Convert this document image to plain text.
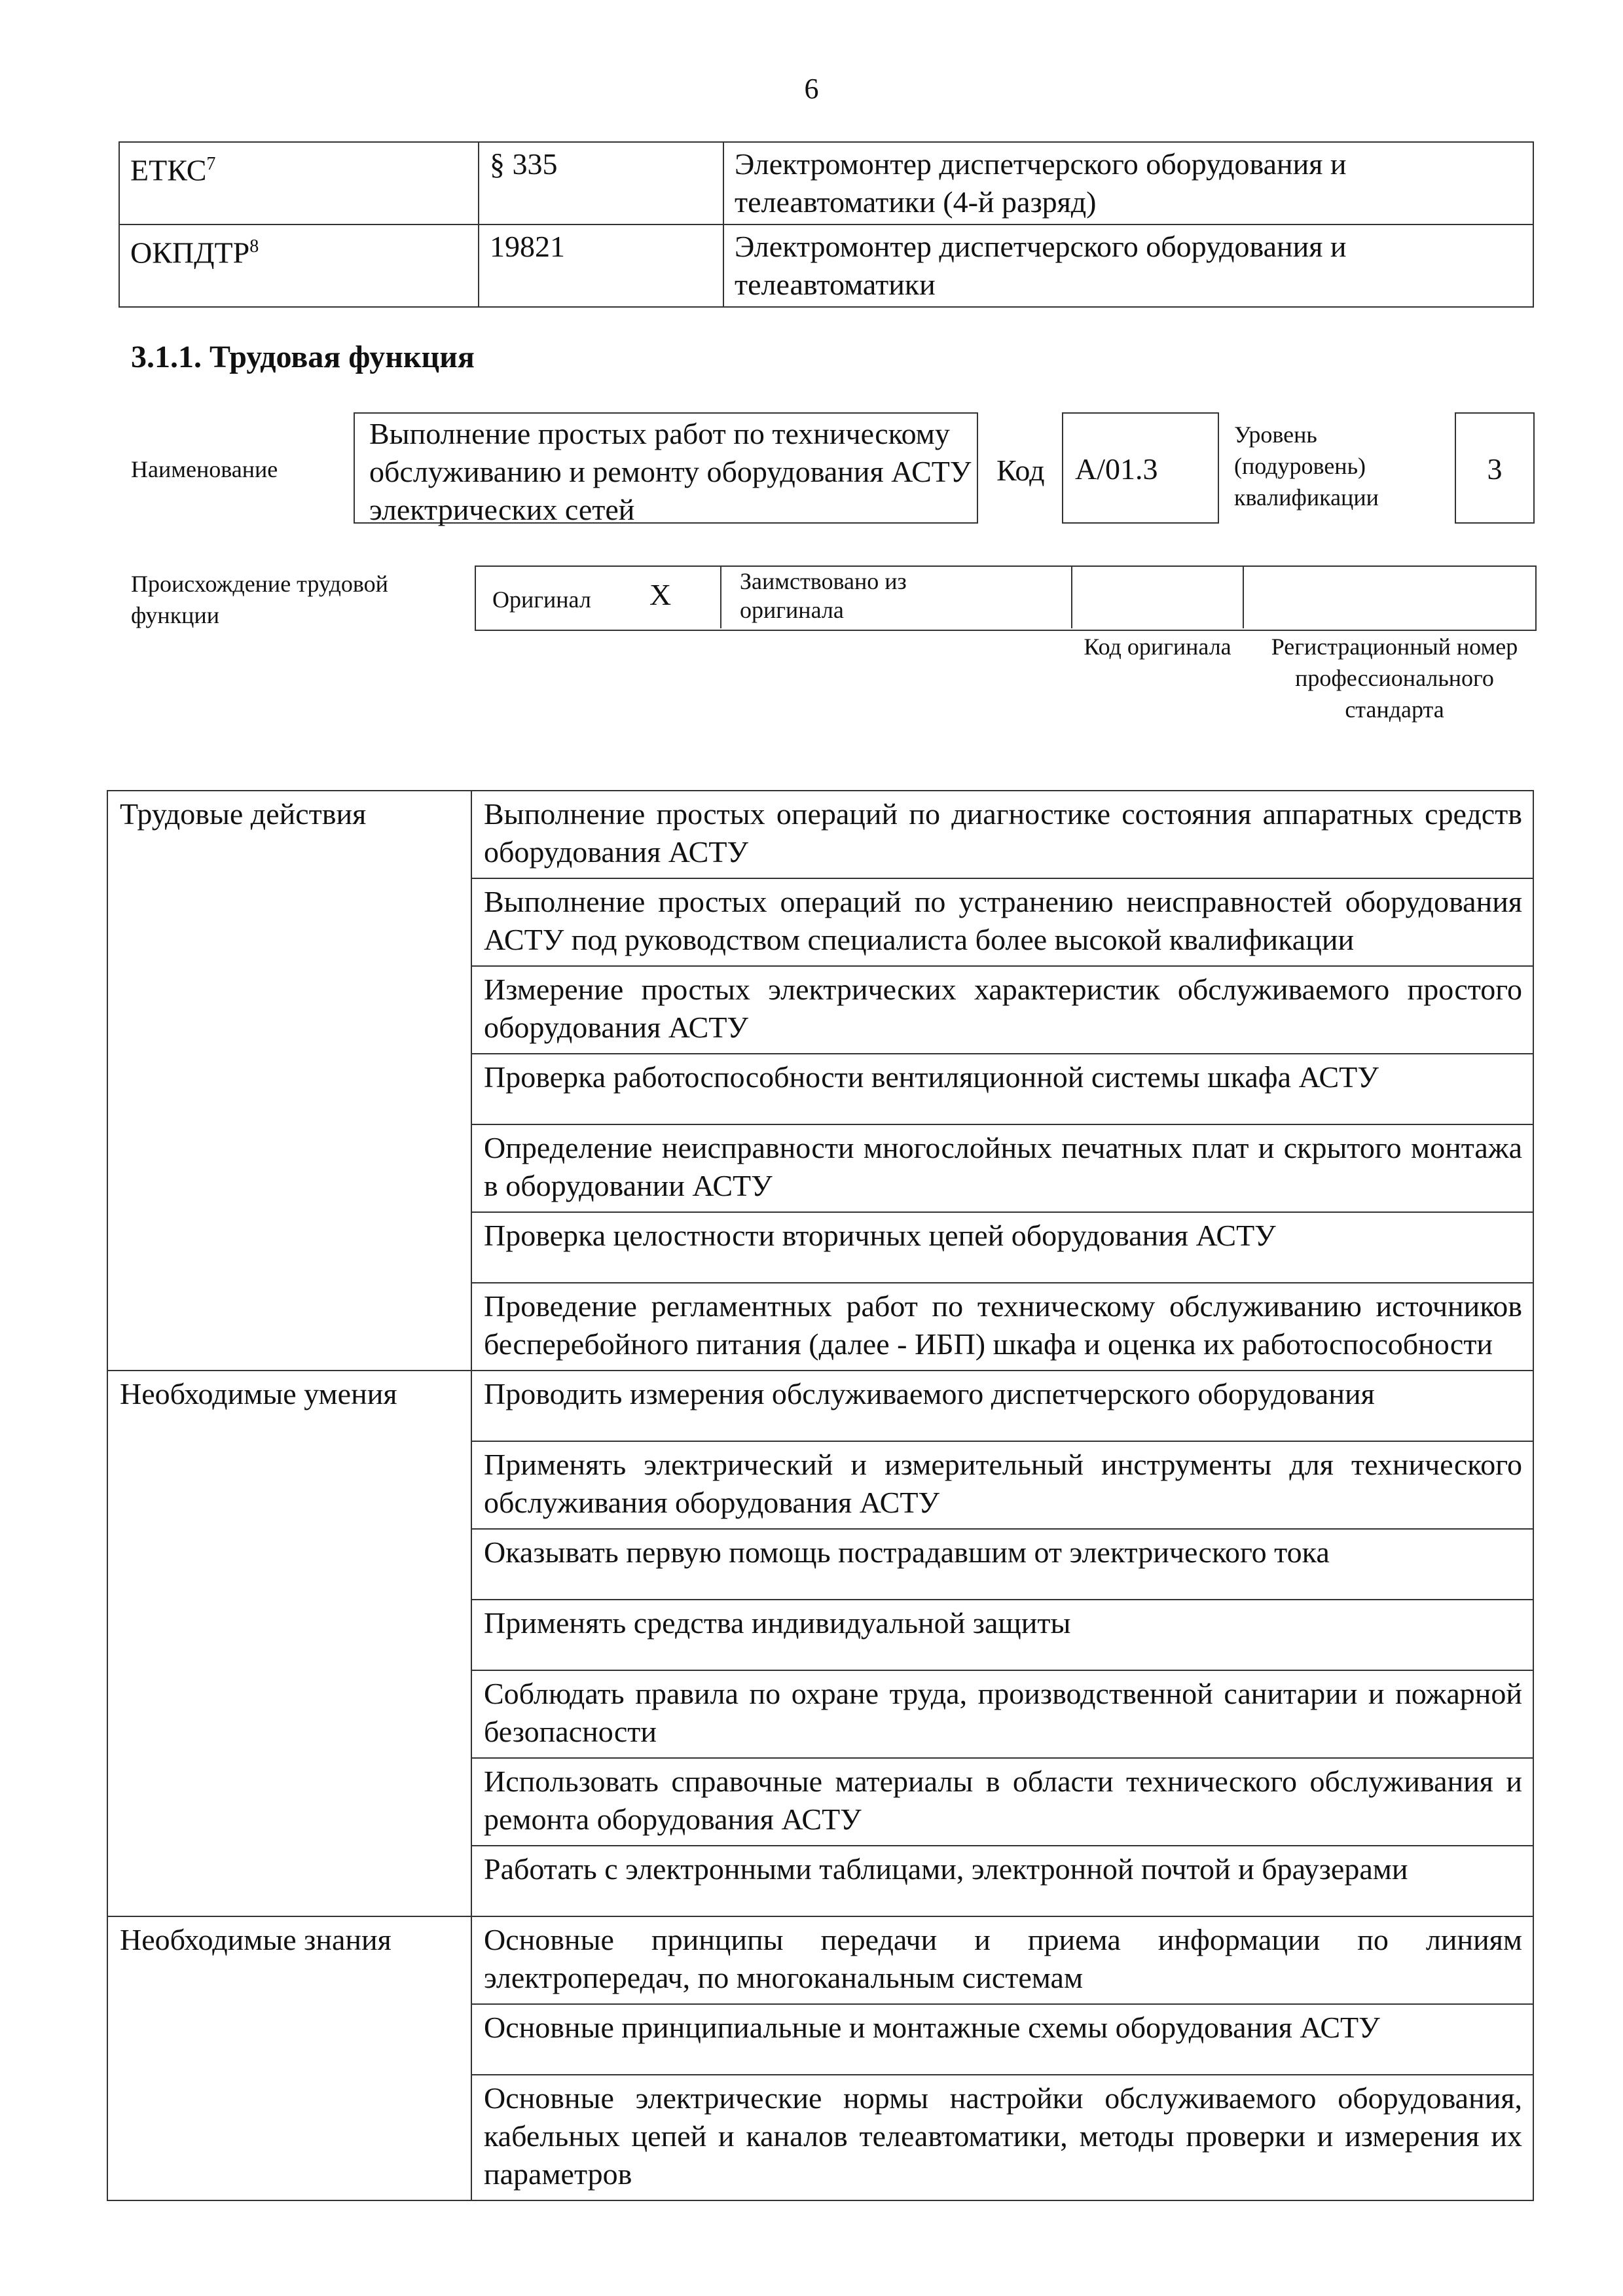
6
ЕТКС$^7$	§ 335	Электромонтер диспетчерского оборудования и телеавтоматики (4-й разряд)
ОКПДТР$^8$	19821	Электромонтер диспетчерского оборудования и телеавтоматики
3.1.1. Трудовая функция
Наименование
Выполнение простых работ по техническому обслуживанию и ремонту оборудования АСТУ электрических сетей
Код	A/01.3
Уровень (подуровень) квалификации
3
Происхождение трудовой функции
Оригинал X	Заимствовано из оригинала
Код оригинала	Регистрационный номер профессионального стандарта
Трудовые действия	Выполнение простых операций по диагностике состояния аппаратных средств оборудования АСТУ
	Выполнение простых операций по устранению неисправностей оборудования АСТУ под руководством специалиста более высокой квалификации
	Измерение простых электрических характеристик обслуживаемого простого оборудования АСТУ
	Проверка работоспособности вентиляционной системы шкафа АСТУ
	Определение неисправности многослойных печатных плат и скрытого монтажа в оборудовании АСТУ
	Проверка целостности вторичных цепей оборудования АСТУ
	Проведение регламентных работ по техническому обслуживанию источников бесперебойного питания (далее - ИБП) шкафа и оценка их работоспособности
Необходимые умения	Проводить измерения обслуживаемого диспетчерского оборудования
	Применять электрический и измерительный инструменты для технического обслуживания оборудования АСТУ
	Оказывать первую помощь пострадавшим от электрического тока
	Применять средства индивидуальной защиты
	Соблюдать правила по охране труда, производственной санитарии и пожарной безопасности
	Использовать справочные материалы в области технического обслуживания и ремонта оборудования АСТУ
	Работать с электронными таблицами, электронной почтой и браузерами
Необходимые знания	Основные принципы передачи и приема информации по линиям электропередач, по многоканальным системам
	Основные принципиальные и монтажные схемы оборудования АСТУ
	Основные электрические нормы настройки обслуживаемого оборудования, кабельных цепей и каналов телеавтоматики, методы проверки и измерения их параметров
